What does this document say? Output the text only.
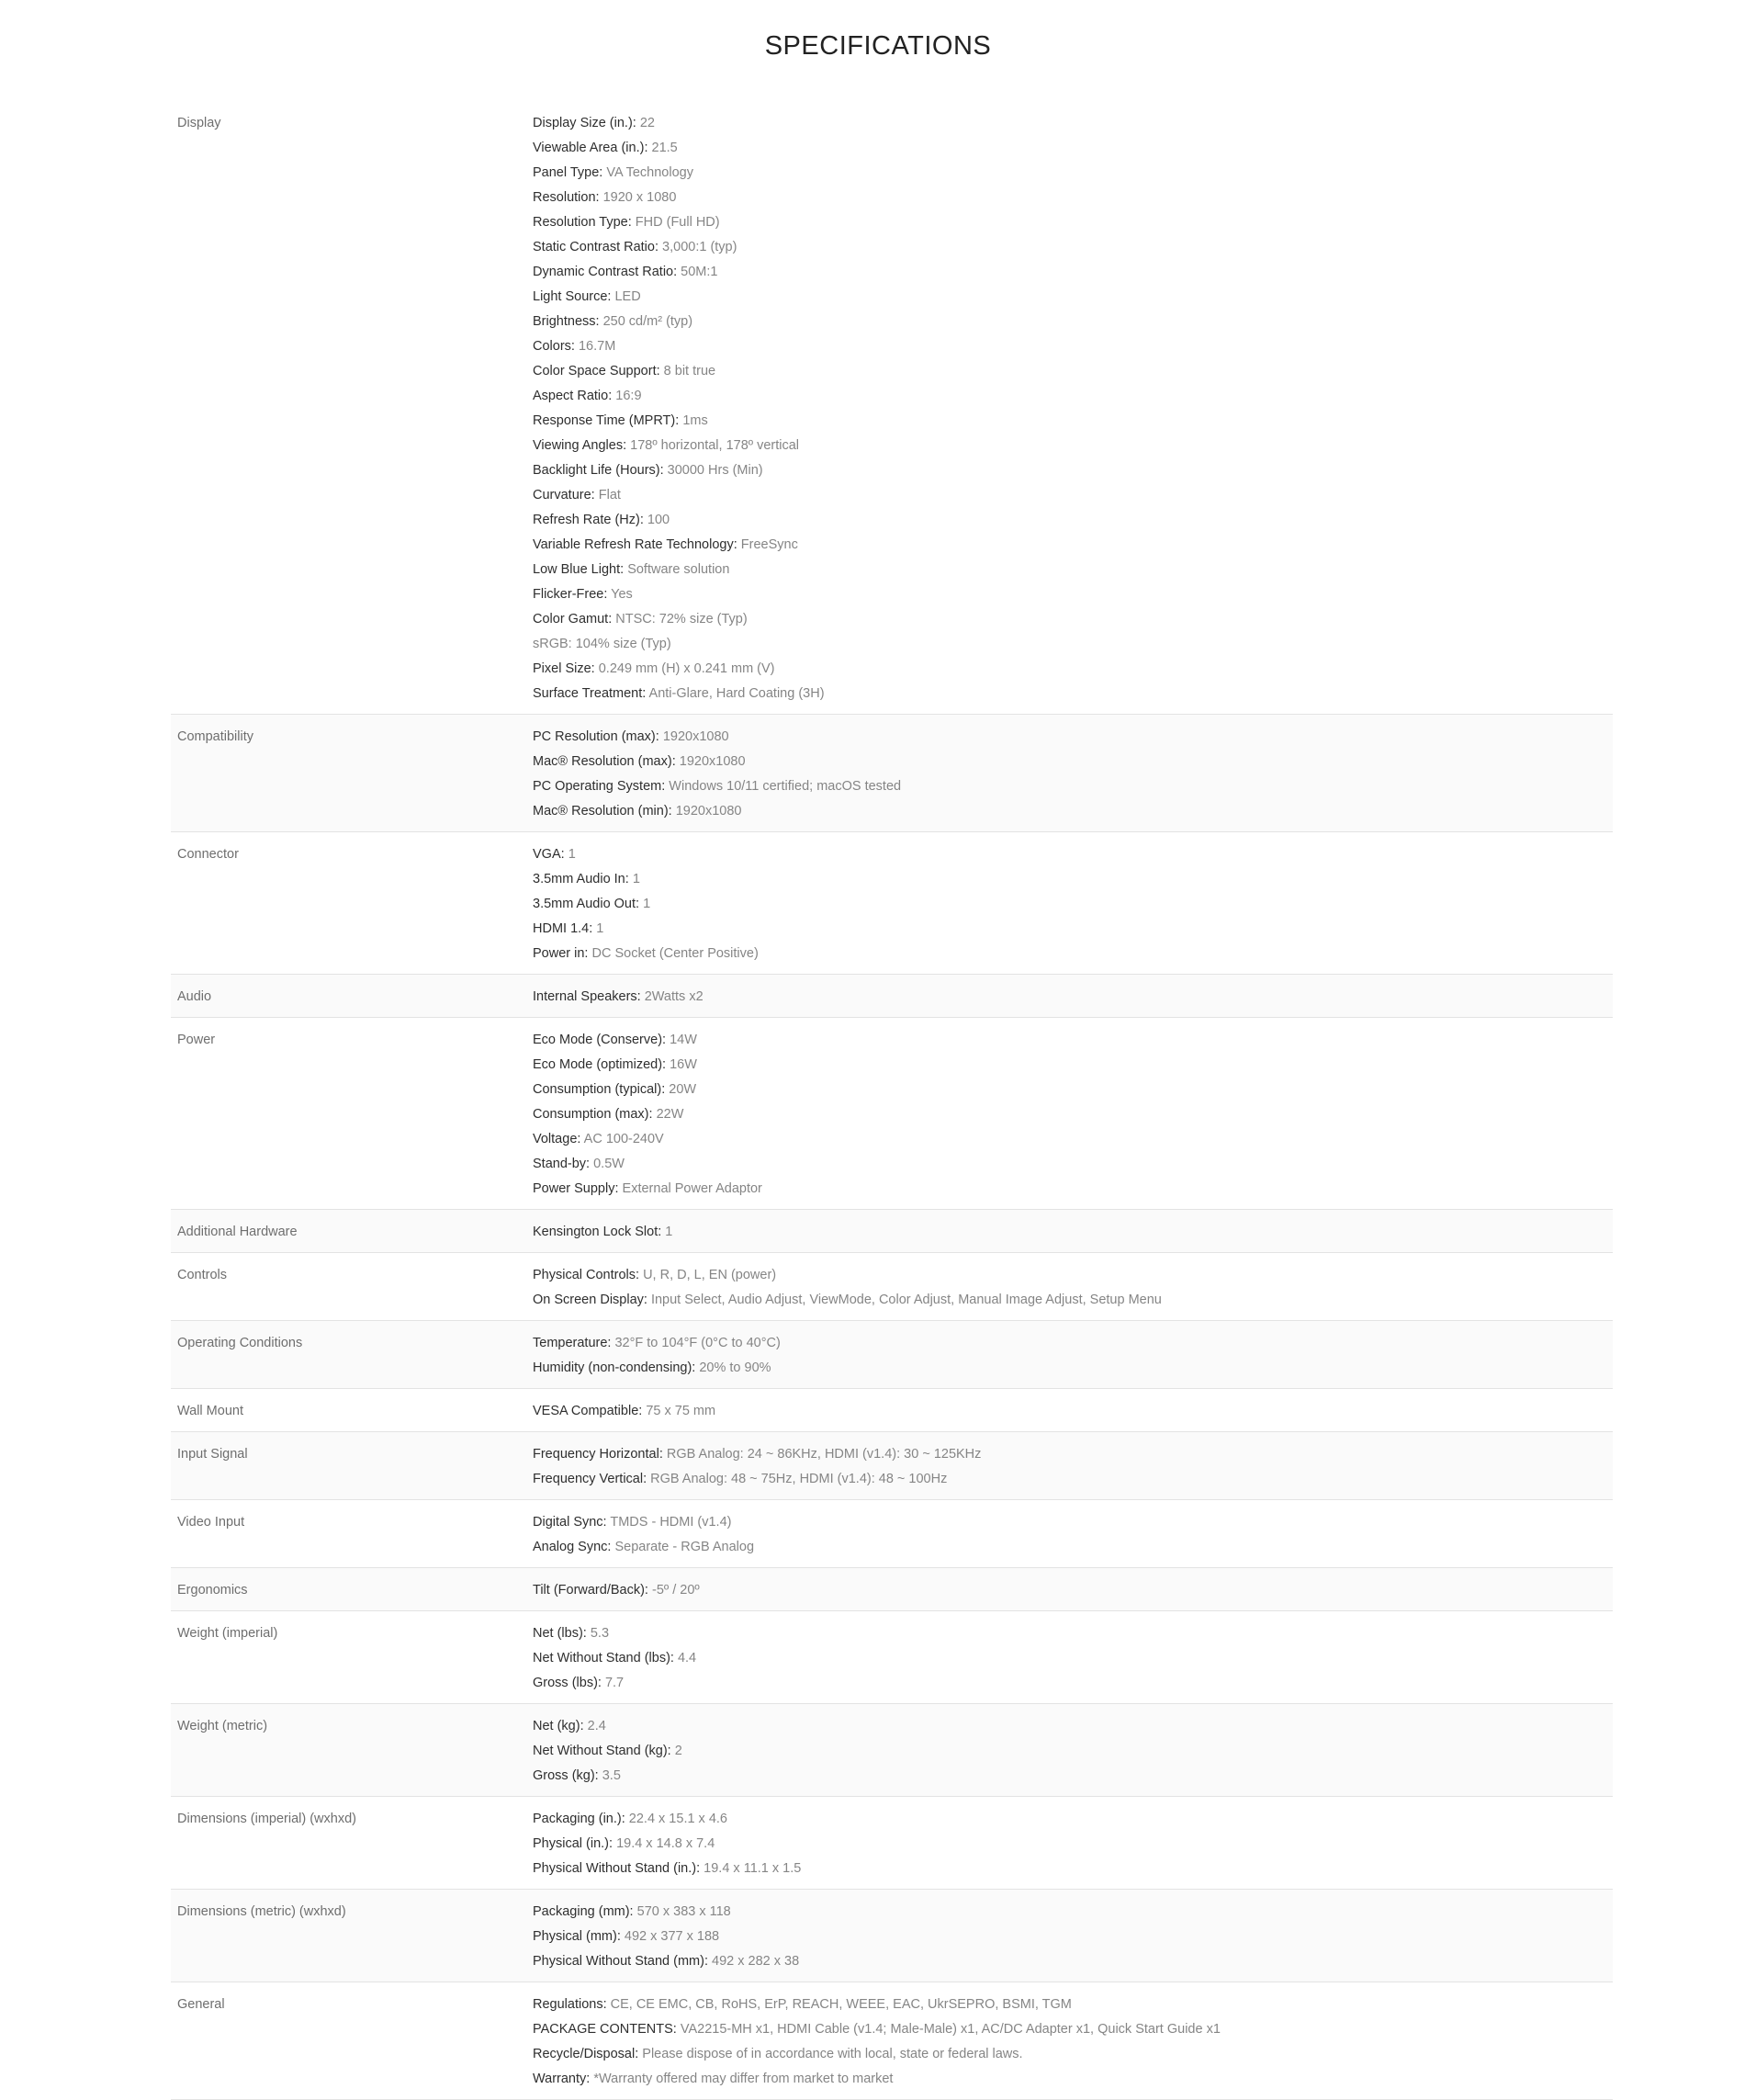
SPECIFICATIONS
Display	Display Size (in.): 22
Viewable Area (in.): 21.5
Panel Type: VA Technology
Resolution: 1920 x 1080
Resolution Type: FHD (Full HD)
Static Contrast Ratio: 3,000:1 (typ)
Dynamic Contrast Ratio: 50M:1
Light Source: LED
Brightness: 250 cd/m² (typ)
Colors: 16.7M
Color Space Support: 8 bit true
Aspect Ratio: 16:9
Response Time (MPRT): 1ms
Viewing Angles: 178º horizontal, 178º vertical
Backlight Life (Hours): 30000 Hrs (Min)
Curvature: Flat
Refresh Rate (Hz): 100
Variable Refresh Rate Technology: FreeSync
Low Blue Light: Software solution
Flicker-Free: Yes
Color Gamut: NTSC: 72% size (Typ)
sRGB: 104% size (Typ)
Pixel Size: 0.249 mm (H) x 0.241 mm (V)
Surface Treatment: Anti-Glare, Hard Coating (3H)
Compatibility	PC Resolution (max): 1920x1080
Mac® Resolution (max): 1920x1080
PC Operating System: Windows 10/11 certified; macOS tested
Mac® Resolution (min): 1920x1080
Connector	VGA: 1
3.5mm Audio In: 1
3.5mm Audio Out: 1
HDMI 1.4: 1
Power in: DC Socket (Center Positive)
Audio	Internal Speakers: 2Watts x2
Power	Eco Mode (Conserve): 14W
Eco Mode (optimized): 16W
Consumption (typical): 20W
Consumption (max): 22W
Voltage: AC 100-240V
Stand-by: 0.5W
Power Supply: External Power Adaptor
Additional Hardware	Kensington Lock Slot: 1
Controls	Physical Controls: U, R, D, L, EN (power)
On Screen Display: Input Select, Audio Adjust, ViewMode, Color Adjust, Manual Image Adjust, Setup Menu
Operating Conditions	Temperature: 32°F to 104°F (0°C to 40°C)
Humidity (non-condensing): 20% to 90%
Wall Mount	VESA Compatible: 75 x 75 mm
Input Signal	Frequency Horizontal: RGB Analog: 24 ~ 86KHz, HDMI (v1.4): 30 ~ 125KHz
Frequency Vertical: RGB Analog: 48 ~ 75Hz, HDMI (v1.4): 48 ~ 100Hz
Video Input	Digital Sync: TMDS - HDMI (v1.4)
Analog Sync: Separate - RGB Analog
Ergonomics	Tilt (Forward/Back): -5º / 20º
Weight (imperial)	Net (lbs): 5.3
Net Without Stand (lbs): 4.4
Gross (lbs): 7.7
Weight (metric)	Net (kg): 2.4
Net Without Stand (kg): 2
Gross (kg): 3.5
Dimensions (imperial) (wxhxd)	Packaging (in.): 22.4 x 15.1 x 4.6
Physical (in.): 19.4 x 14.8 x 7.4
Physical Without Stand (in.): 19.4 x 11.1 x 1.5
Dimensions (metric) (wxhxd)	Packaging (mm): 570 x 383 x 118
Physical (mm): 492 x 377 x 188
Physical Without Stand (mm): 492 x 282 x 38
General	Regulations: CE, CE EMC, CB, RoHS, ErP, REACH, WEEE, EAC, UkrSEPRO, BSMI, TGM
PACKAGE CONTENTS: VA2215-MH x1, HDMI Cable (v1.4; Male-Male) x1, AC/DC Adapter x1, Quick Start Guide x1
Recycle/Disposal: Please dispose of in accordance with local, state or federal laws.
Warranty: *Warranty offered may differ from market to market
